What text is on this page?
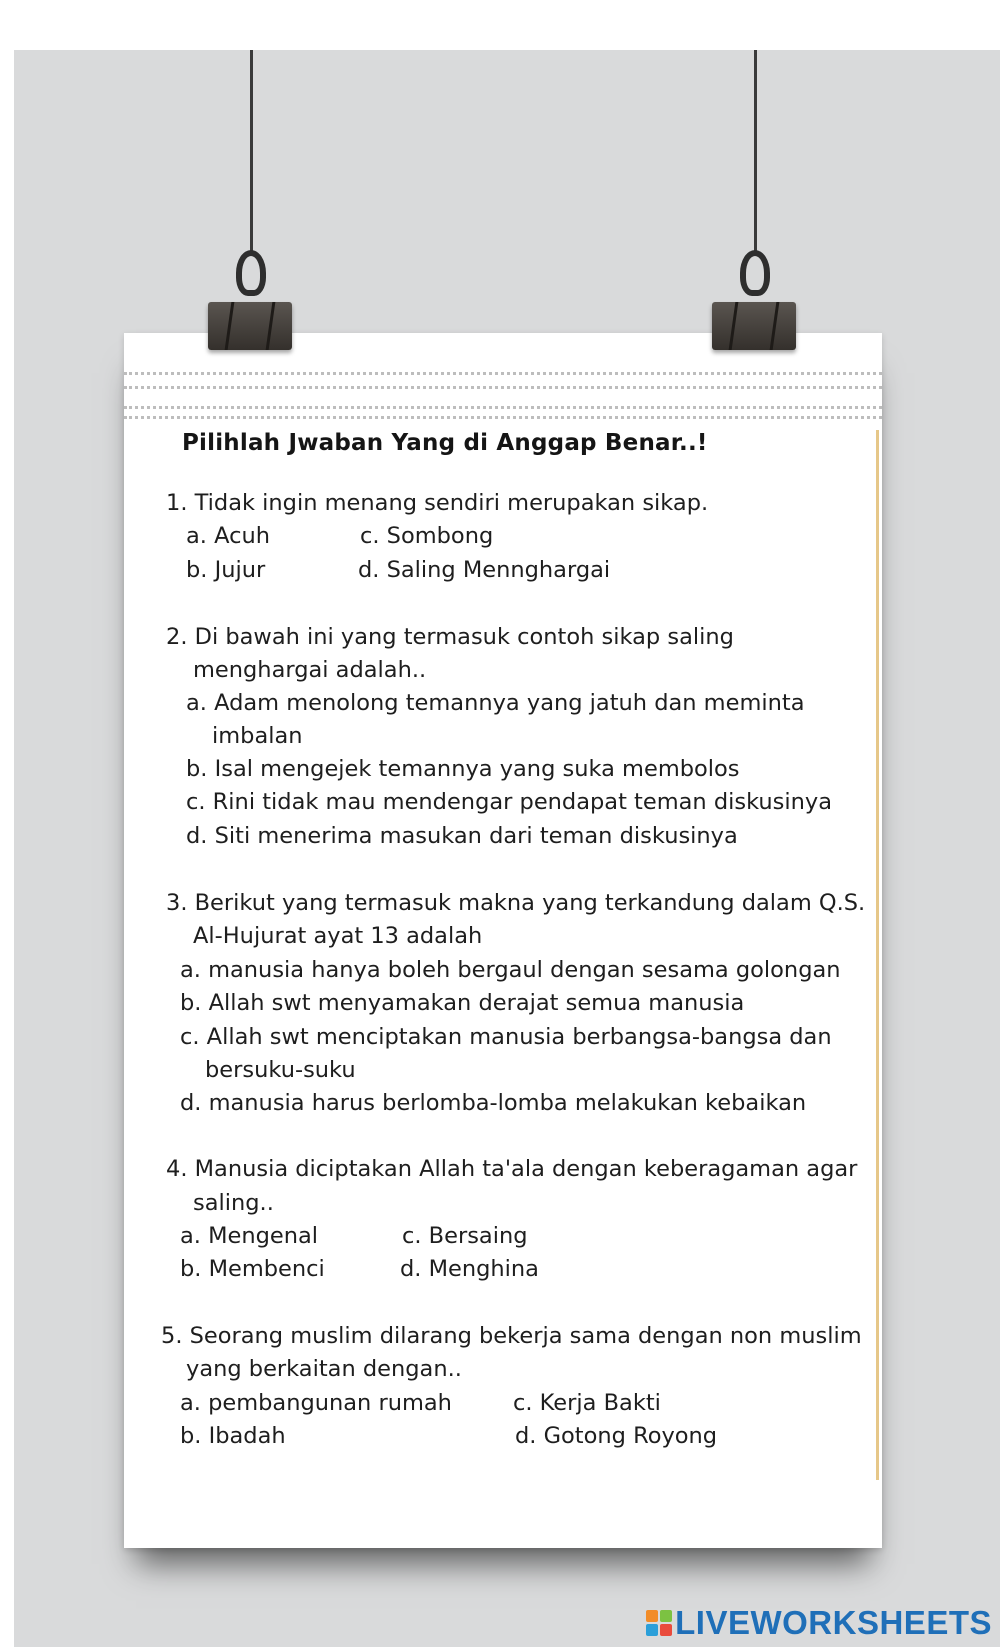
Pilihlah Jwaban Yang di Anggap Benar..!
1. Tidak ingin menang sendiri merupakan sikap.
a. Acuh	c. Sombong
b. Jujur	d. Saling Mennghargai
2. Di bawah ini yang termasuk contoh sikap saling
menghargai adalah..
a. Adam menolong temannya yang jatuh dan meminta
imbalan
b. Isal mengejek temannya yang suka membolos
c. Rini tidak mau mendengar pendapat teman diskusinya
d. Siti menerima masukan dari teman diskusinya
3. Berikut yang termasuk makna yang terkandung dalam Q.S.
Al-Hujurat ayat 13 adalah
a. manusia hanya boleh bergaul dengan sesama golongan
b. Allah swt menyamakan derajat semua manusia
c. Allah swt menciptakan manusia berbangsa-bangsa dan
bersuku-suku
d. manusia harus berlomba-lomba melakukan kebaikan
4. Manusia diciptakan Allah ta'ala dengan keberagaman agar
saling..
a. Mengenal	c. Bersaing
b. Membenci	d. Menghina
5. Seorang muslim dilarang bekerja sama dengan non muslim
yang berkaitan dengan..
a. pembangunan rumah	c. Kerja Bakti
b. Ibadah	d. Gotong Royong
LIVEWORKSHEETS
